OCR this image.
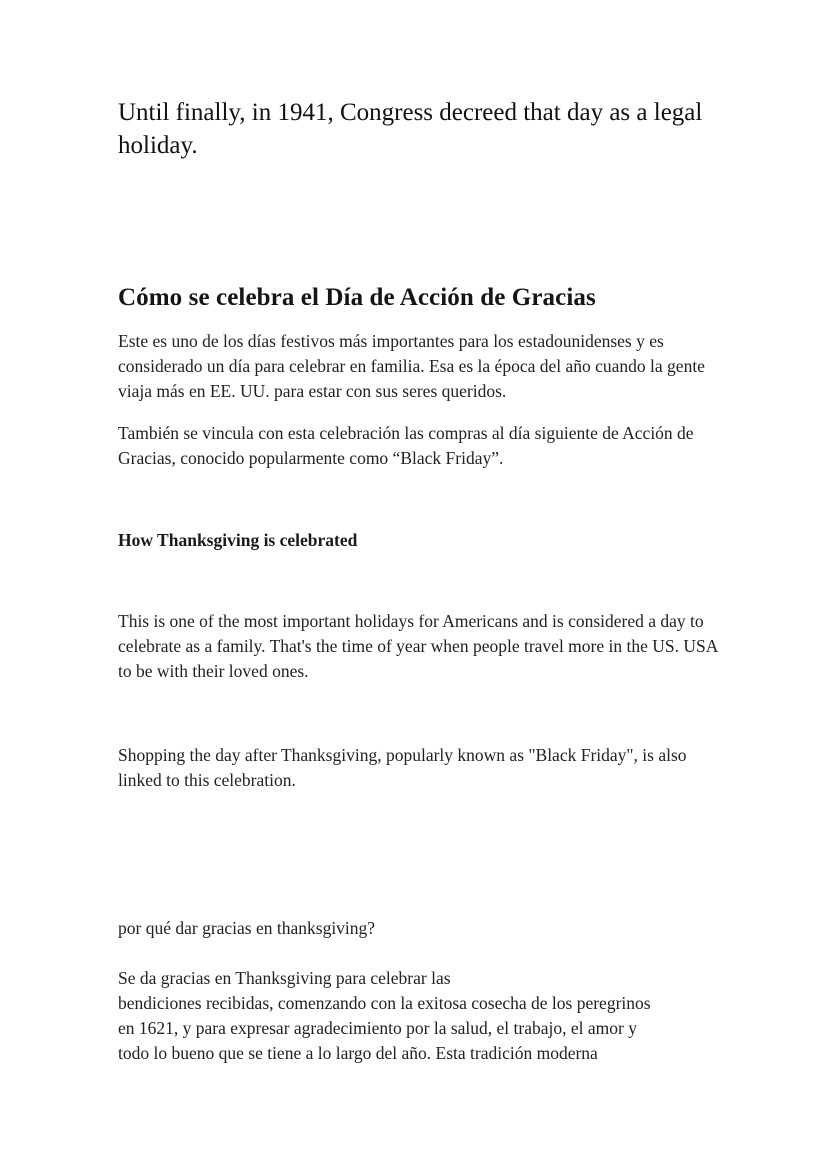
Until finally, in 1941, Congress decreed that day as a legal holiday.

Cómo se celebra el Día de Acción de Gracias

Este es uno de los días festivos más importantes para los estadounidenses y es considerado un día para celebrar en familia. Esa es la época del año cuando la gente viaja más en EE. UU. para estar con sus seres queridos.

También se vincula con esta celebración las compras al día siguiente de Acción de Gracias, conocido popularmente como “Black Friday”.

How Thanksgiving is celebrated

This is one of the most important holidays for Americans and is considered a day to celebrate as a family. That's the time of year when people travel more in the US. USA to be with their loved ones.

Shopping the day after Thanksgiving, popularly known as "Black Friday", is also linked to this celebration.

por qué dar gracias en thanksgiving?

Se da gracias en Thanksgiving para celebrar las
bendiciones recibidas, comenzando con la exitosa cosecha de los peregrinos
en 1621, y para expresar agradecimiento por la salud, el trabajo, el amor y
todo lo bueno que se tiene a lo largo del año. Esta tradición moderna
